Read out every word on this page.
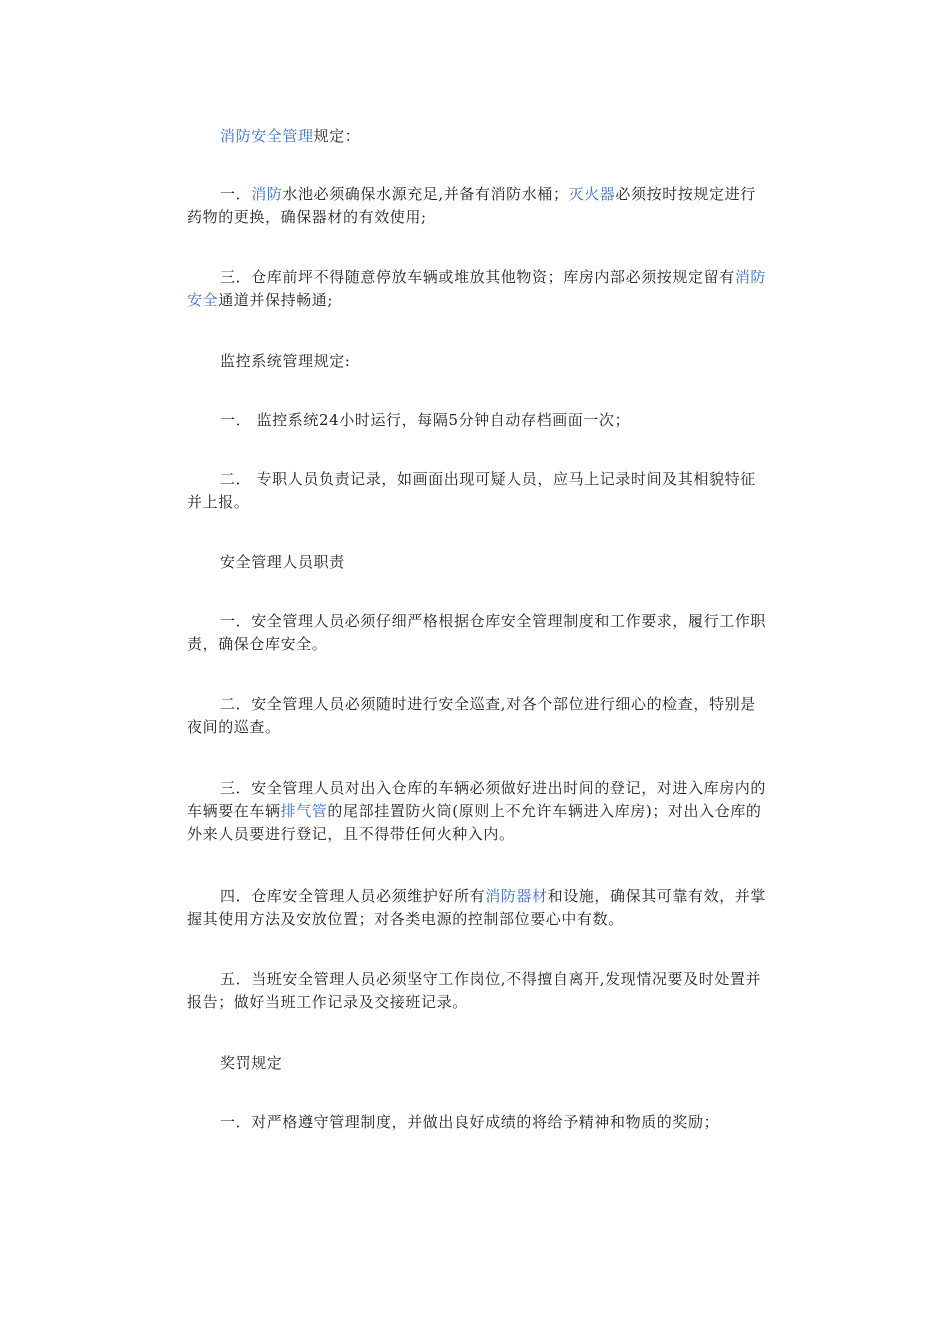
消防安全管理规定：

一．消防水池必须确保水源充足,并备有消防水桶；灭火器必须按时按规定进行药物的更换，确保器材的有效使用;

三．仓库前坪不得随意停放车辆或堆放其他物资；库房内部必须按规定留有消防安全通道并保持畅通;

监控系统管理规定:

一． 监控系统24小时运行，每隔5分钟自动存档画面一次；

二． 专职人员负责记录，如画面出现可疑人员，应马上记录时间及其相貌特征并上报。

安全管理人员职责

一．安全管理人员必须仔细严格根据仓库安全管理制度和工作要求，履行工作职责，确保仓库安全。

二．安全管理人员必须随时进行安全巡查,对各个部位进行细心的检查，特别是夜间的巡查。

三．安全管理人员对出入仓库的车辆必须做好进出时间的登记，对进入库房内的车辆要在车辆排气管的尾部挂置防火筒(原则上不允许车辆进入库房)；对出入仓库的外来人员要进行登记，且不得带任何火种入内。

四．仓库安全管理人员必须维护好所有消防器材和设施，确保其可靠有效，并掌握其使用方法及安放位置；对各类电源的控制部位要心中有数。

五．当班安全管理人员必须坚守工作岗位,不得擅自离开,发现情况要及时处置并报告；做好当班工作记录及交接班记录。

奖罚规定

一．对严格遵守管理制度，并做出良好成绩的将给予精神和物质的奖励；
